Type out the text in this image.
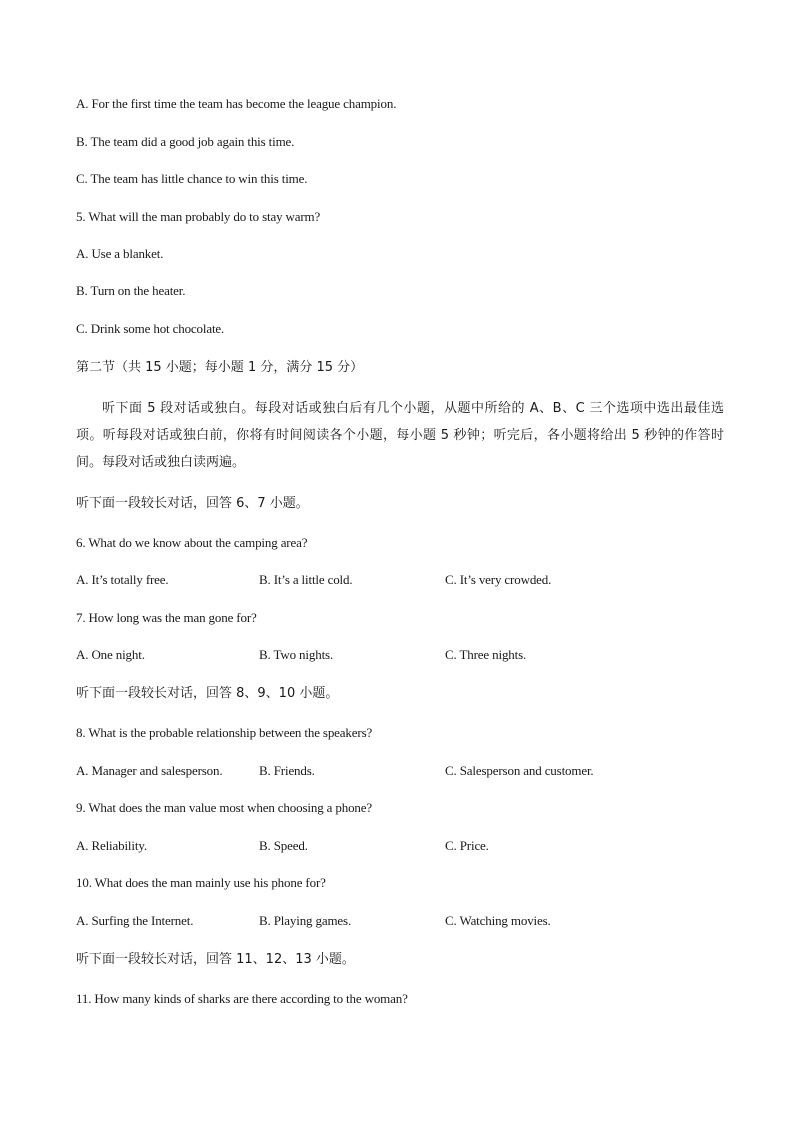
A. For the first time the team has become the league champion.
B. The team did a good job again this time.
C. The team has little chance to win this time.
5. What will the man probably do to stay warm?
A. Use a blanket.
B. Turn on the heater.
C. Drink some hot chocolate.
第二节（共 15 小题；每小题 1 分，满分 15 分）
听下面 5 段对话或独白。每段对话或独白后有几个小题，从题中所给的 A、B、C 三个选项中选出最佳选项。听每段对话或独白前，你将有时间阅读各个小题，每小题 5 秒钟；听完后，各小题将给出 5 秒钟的作答时间。每段对话或独白读两遍。
听下面一段较长对话，回答 6、7 小题。
6. What do we know about the camping area?
A. It’s totally free.	B. It’s a little cold.	C. It’s very crowded.
7. How long was the man gone for?
A. One night.	B. Two nights.	C. Three nights.
听下面一段较长对话，回答 8、9、10 小题。
8. What is the probable relationship between the speakers?
A. Manager and salesperson.	B. Friends.	C. Salesperson and customer.
9. What does the man value most when choosing a phone?
A. Reliability.	B. Speed.	C. Price.
10. What does the man mainly use his phone for?
A. Surfing the Internet.	B. Playing games.	C. Watching movies.
听下面一段较长对话，回答 11、12、13 小题。
11. How many kinds of sharks are there according to the woman?
